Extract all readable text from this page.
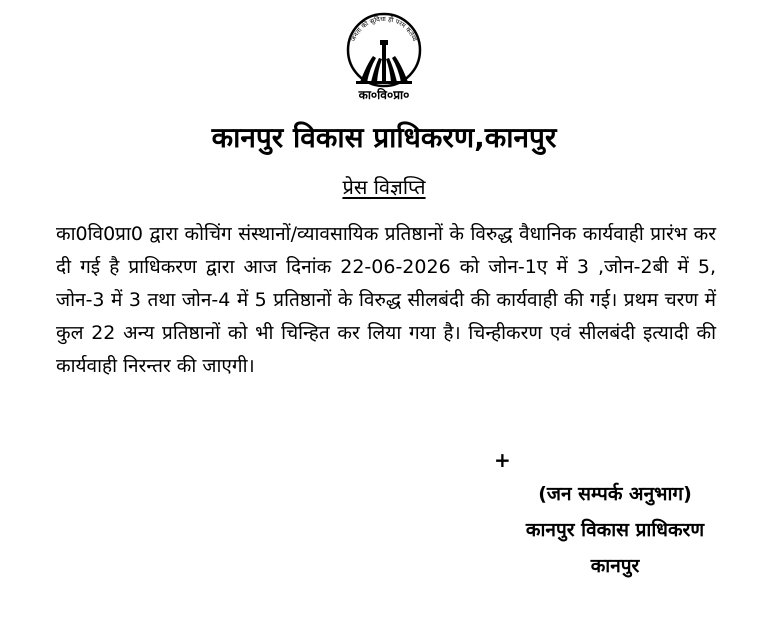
जनता की सुविधा ही परम कर्तव्य
का०वि०प्रा०
कानपुर विकास प्राधिकरण,कानपुर
प्रेस विज्ञप्ति
का0वि0प्रा0 द्वारा कोचिंग संस्थानों/व्यावसायिक प्रतिष्ठानों के विरुद्ध वैधानिक कार्यवाही प्रारंभ कर दी गई है प्राधिकरण द्वारा आज दिनांक 22-06-2026 को जोन-1ए में 3 ,जोन-2बी में 5, जोन-3 में 3 तथा जोन-4 में 5 प्रतिष्ठानों के विरुद्ध सीलबंदी की कार्यवाही की गई। प्रथम चरण में कुल 22 अन्य प्रतिष्ठानों को भी चिन्हित कर लिया गया है। चिन्हीकरण एवं सीलबंदी इत्यादी की कार्यवाही निरन्तर की जाएगी।
+
(जन सम्पर्क अनुभाग)
कानपुर विकास प्राधिकरण
कानपुर
